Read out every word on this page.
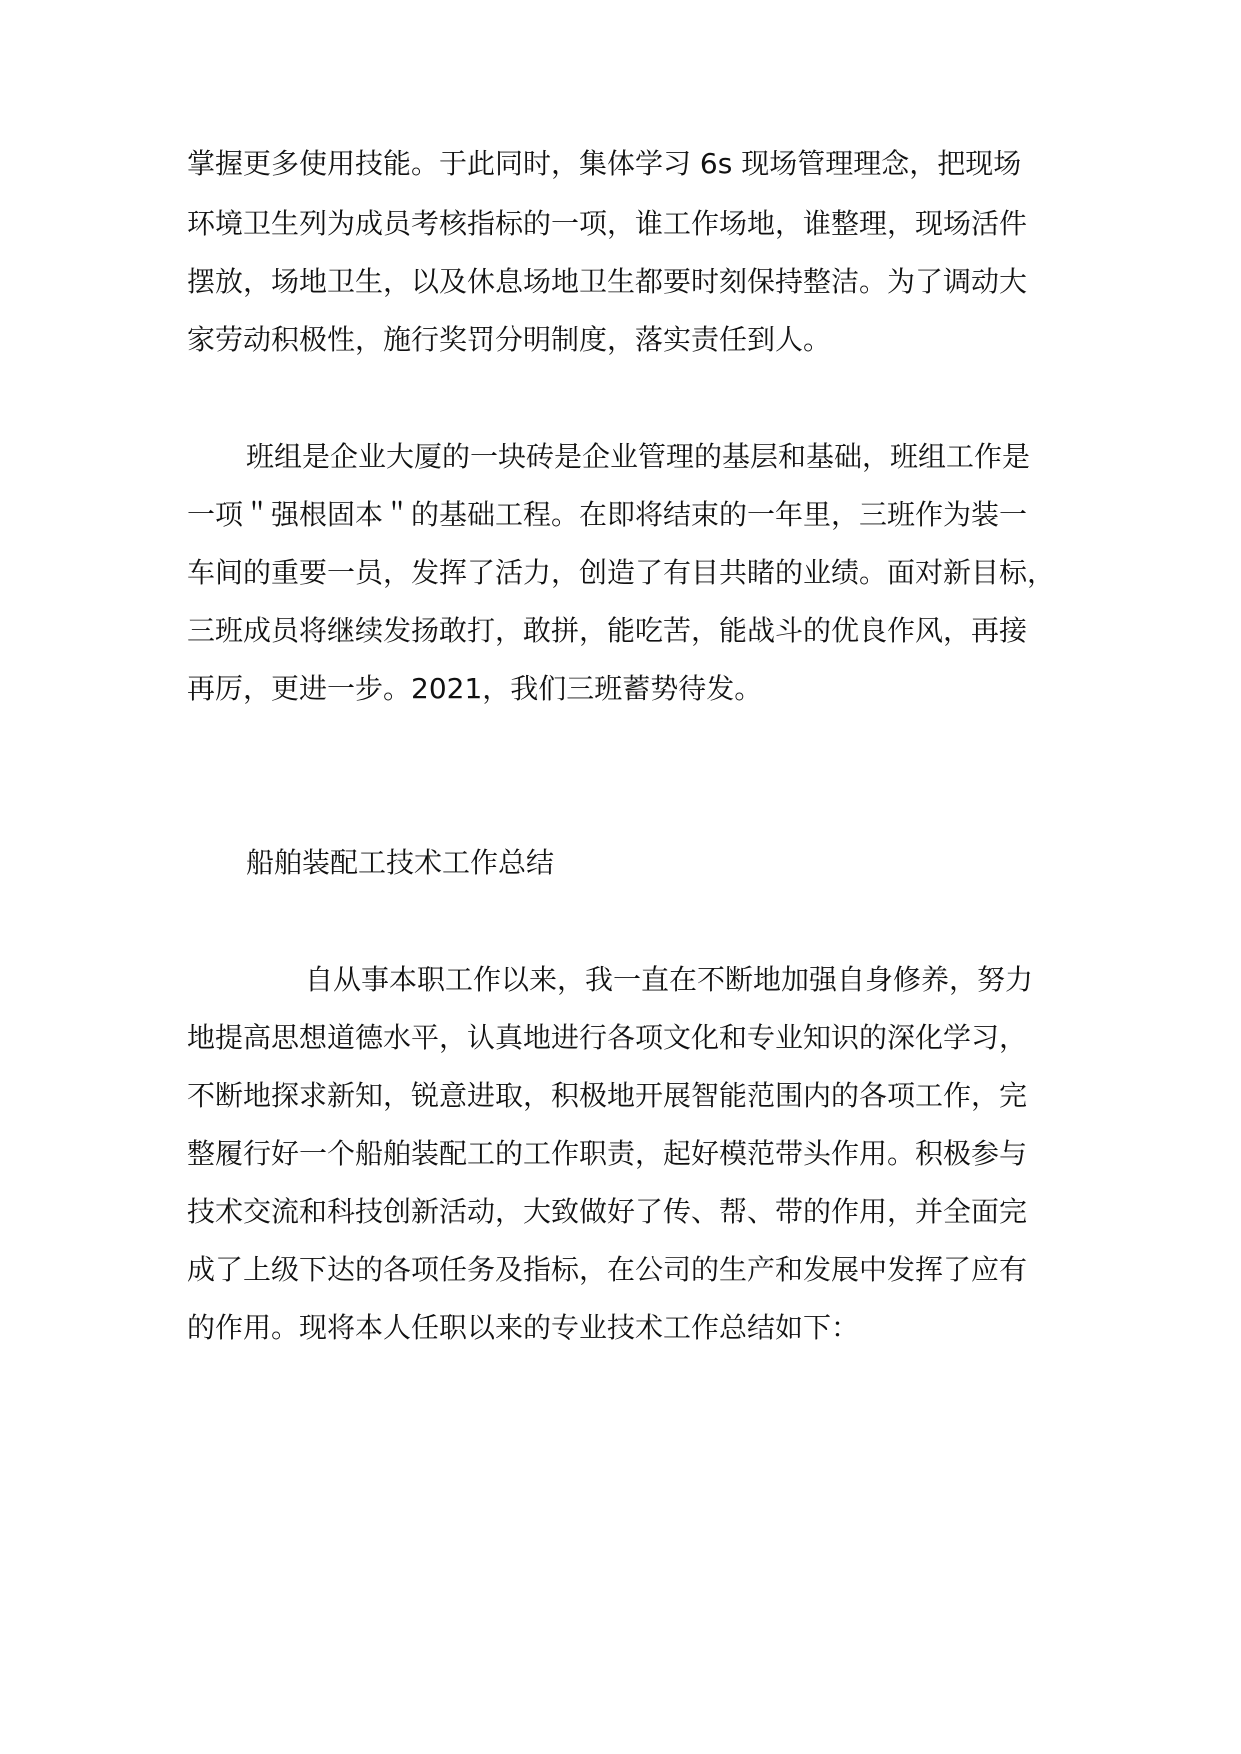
掌握更多使用技能。于此同时，集体学习 6s 现场管理理念，把现场
环境卫生列为成员考核指标的一项，谁工作场地，谁整理，现场活件
摆放，场地卫生，以及休息场地卫生都要时刻保持整洁。为了调动大
家劳动积极性，施行奖罚分明制度，落实责任到人。
班组是企业大厦的一块砖是企业管理的基层和基础，班组工作是
一项＂强根固本＂的基础工程。在即将结束的一年里，三班作为装一
车间的重要一员，发挥了活力，创造了有目共睹的业绩。面对新目标，
三班成员将继续发扬敢打，敢拼，能吃苦，能战斗的优良作风，再接
再厉，更进一步。2021，我们三班蓄势待发。
船舶装配工技术工作总结
自从事本职工作以来，我一直在不断地加强自身修养，努力
地提高思想道德水平，认真地进行各项文化和专业知识的深化学习，
不断地探求新知，锐意进取，积极地开展智能范围内的各项工作，完
整履行好一个船舶装配工的工作职责，起好模范带头作用。积极参与
技术交流和科技创新活动，大致做好了传、帮、带的作用，并全面完
成了上级下达的各项任务及指标，在公司的生产和发展中发挥了应有
的作用。现将本人任职以来的专业技术工作总结如下：
